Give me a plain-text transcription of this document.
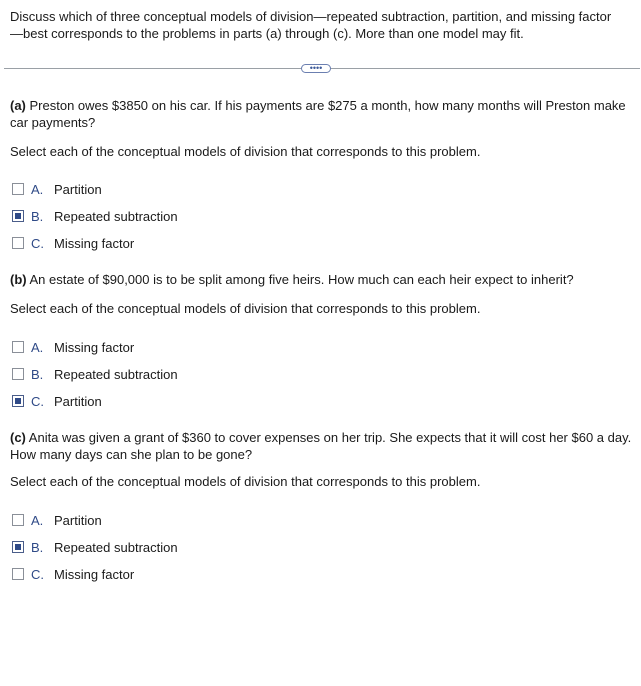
Discuss which of three conceptual models of division—repeated subtraction, partition, and missing factor—best corresponds to the problems in parts (a) through (c). More than one model may fit.
••••
(a) Preston owes $3850 on his car. If his payments are $275 a month, how many months will Preston make car payments?
Select each of the conceptual models of division that corresponds to this problem.
A. Partition
B. Repeated subtraction
C. Missing factor
(b) An estate of $90,000 is to be split among five heirs. How much can each heir expect to inherit?
Select each of the conceptual models of division that corresponds to this problem.
A. Missing factor
B. Repeated subtraction
C. Partition
(c) Anita was given a grant of $360 to cover expenses on her trip. She expects that it will cost her $60 a day. How many days can she plan to be gone?
Select each of the conceptual models of division that corresponds to this problem.
A. Partition
B. Repeated subtraction
C. Missing factor
